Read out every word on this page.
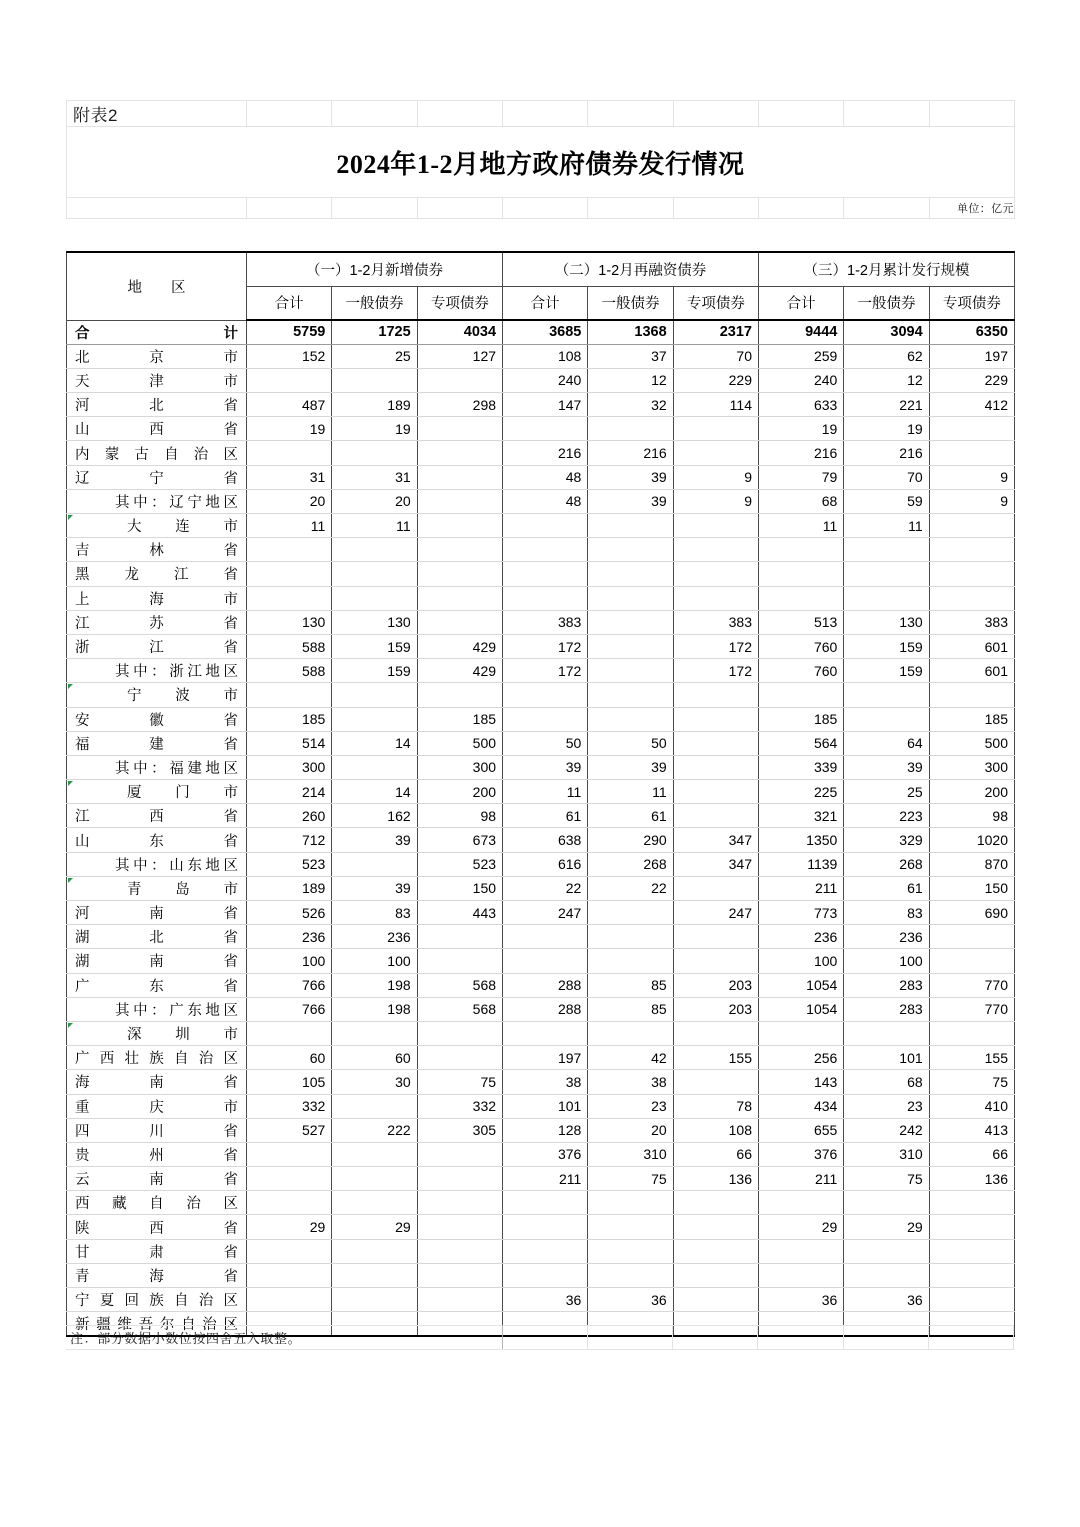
附表2									
2024年1-2月地方政府债券发行情况									
									单位：亿元
地　　区	（一）1-2月新增债券			（二）1-2月再融资债券			（三）1-2月累计发行规模		
	合计	一般债券	专项债券	合计	一般债券	专项债券	合计	一般债券	专项债券
合　　　　　　计	5759	1725	4034	3685	1368	2317	9444	3094	6350
北　　京　　市	152	25	127	108	37	70	259	62	197
天　　津　　市				240	12	229	240	12	229
河　　北　　省	487	189	298	147	32	114	633	221	412
山　　西　　省	19	19					19	19	
内 蒙 古 自 治 区				216	216		216	216	
辽　　宁　　省	31	31		48	39	9	79	70	9
其中：辽宁地区	20	20		48	39	9	68	59	9

大　　连　　市	11	11					11	11	
吉　　林　　省									
黑　　龙　　江　　省									
上　　海　　市									
江　　苏　　省	130	130		383		383	513	130	383
浙　　江　　省	588	159	429	172		172	760	159	601
其中：浙江地区	588	159	429	172		172	760	159	601

宁　　波　　市									
安　　徽　　省	185		185				185		185
福　　建　　省	514	14	500	50	50		564	64	500
其中：福建地区	300		300	39	39		339	39	300

厦　　门　　市	214	14	200	11	11		225	25	200
江　　西　　省	260	162	98	61	61		321	223	98
山　　东　　省	712	39	673	638	290	347	1350	329	1020
其中：山东地区	523		523	616	268	347	1139	268	870

青　　岛　　市	189	39	150	22	22		211	61	150
河　　南　　省	526	83	443	247		247	773	83	690
湖　　北　　省	236	236					236	236	
湖　　南　　省	100	100					100	100	
广　　东　　省	766	198	568	288	85	203	1054	283	770
其中：广东地区	766	198	568	288	85	203	1054	283	770

深　　圳　　市									
广 西 壮 族 自 治 区	60	60		197	42	155	256	101	155
海　　南　　省	105	30	75	38	38		143	68	75
重　　庆　　市	332		332	101	23	78	434	23	410
四　　川　　省	527	222	305	128	20	108	655	242	413
贵　　州　　省				376	310	66	376	310	66
云　　南　　省				211	75	136	211	75	136
西 藏 自 治 区									
陕　　西　　省	29	29					29	29	
甘　　肃　　省									
青　　海　　省									
宁 夏 回 族 自 治 区				36	36		36	36	
新 疆 维 吾 尔 自 治 区									
注：部分数据小数位按四舍五入取整。						
